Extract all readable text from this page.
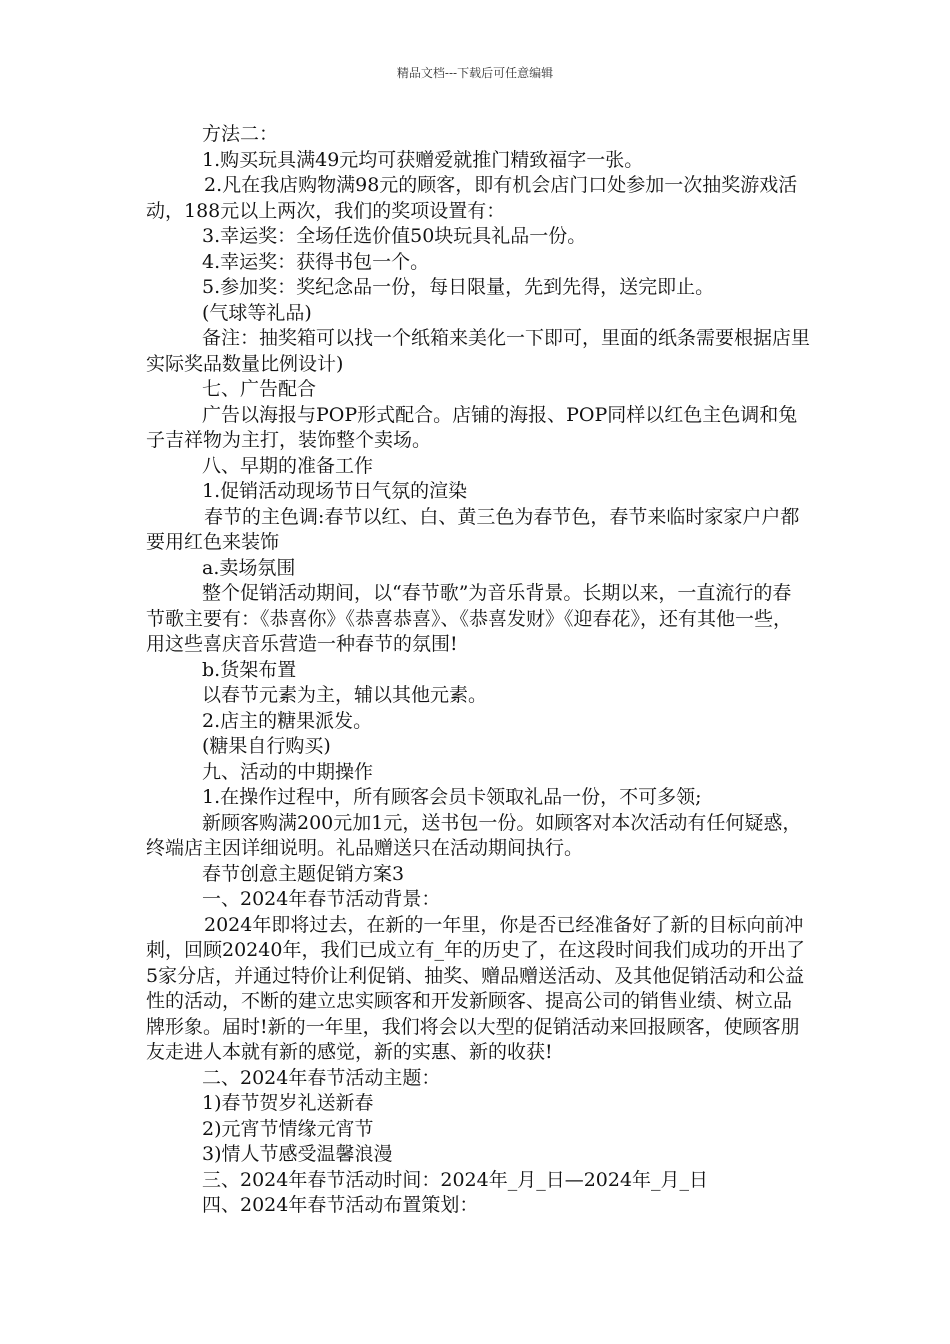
精品文档---下载后可任意编辑

方法二：

1.购买玩具满49元均可获赠爱就推门精致福字一张。

2.凡在我店购物满98元的顾客，即有机会店门口处参加一次抽奖游戏活动，188元以上两次，我们的奖项设置有：

3.幸运奖：全场任选价值50块玩具礼品一份。

4.幸运奖：获得书包一个。

5.参加奖：奖纪念品一份，每日限量，先到先得，送完即止。

(气球等礼品)

备注：抽奖箱可以找一个纸箱来美化一下即可，里面的纸条需要根据店里实际奖品数量比例设计)

七、广告配合

广告以海报与POP形式配合。店铺的海报、POP同样以红色主色调和兔子吉祥物为主打，装饰整个卖场。

八、早期的准备工作

1.促销活动现场节日气氛的渲染

春节的主色调:春节以红、白、黄三色为春节色，春节来临时家家户户都要用红色来装饰

a.卖场氛围

整个促销活动期间，以“春节歌”为音乐背景。长期以来，一直流行的春节歌主要有：《恭喜你》《恭喜恭喜》、《恭喜发财》《迎春花》，还有其他一些，用这些喜庆音乐营造一种春节的氛围!

b.货架布置

以春节元素为主，辅以其他元素。

2.店主的糖果派发。

(糖果自行购买)

九、活动的中期操作

1.在操作过程中，所有顾客会员卡领取礼品一份，不可多领;

新顾客购满200元加1元，送书包一份。如顾客对本次活动有任何疑惑，终端店主因详细说明。礼品赠送只在活动期间执行。

春节创意主题促销方案3

一、2024年春节活动背景：

2024年即将过去，在新的一年里，你是否已经准备好了新的目标向前冲刺，回顾20240年，我们已成立有_年的历史了，在这段时间我们成功的开出了5家分店，并通过特价让利促销、抽奖、赠品赠送活动、及其他促销活动和公益性的活动，不断的建立忠实顾客和开发新顾客、提高公司的销售业绩、树立品牌形象。届时!新的一年里，我们将会以大型的促销活动来回报顾客，使顾客朋友走进人本就有新的感觉，新的实惠、新的收获!

二、2024年春节活动主题：

1)春节贺岁礼送新春

2)元宵节情缘元宵节

3)情人节感受温馨浪漫

三、2024年春节活动时间：2024年_月_日—2024年_月_日

四、2024年春节活动布置策划：
